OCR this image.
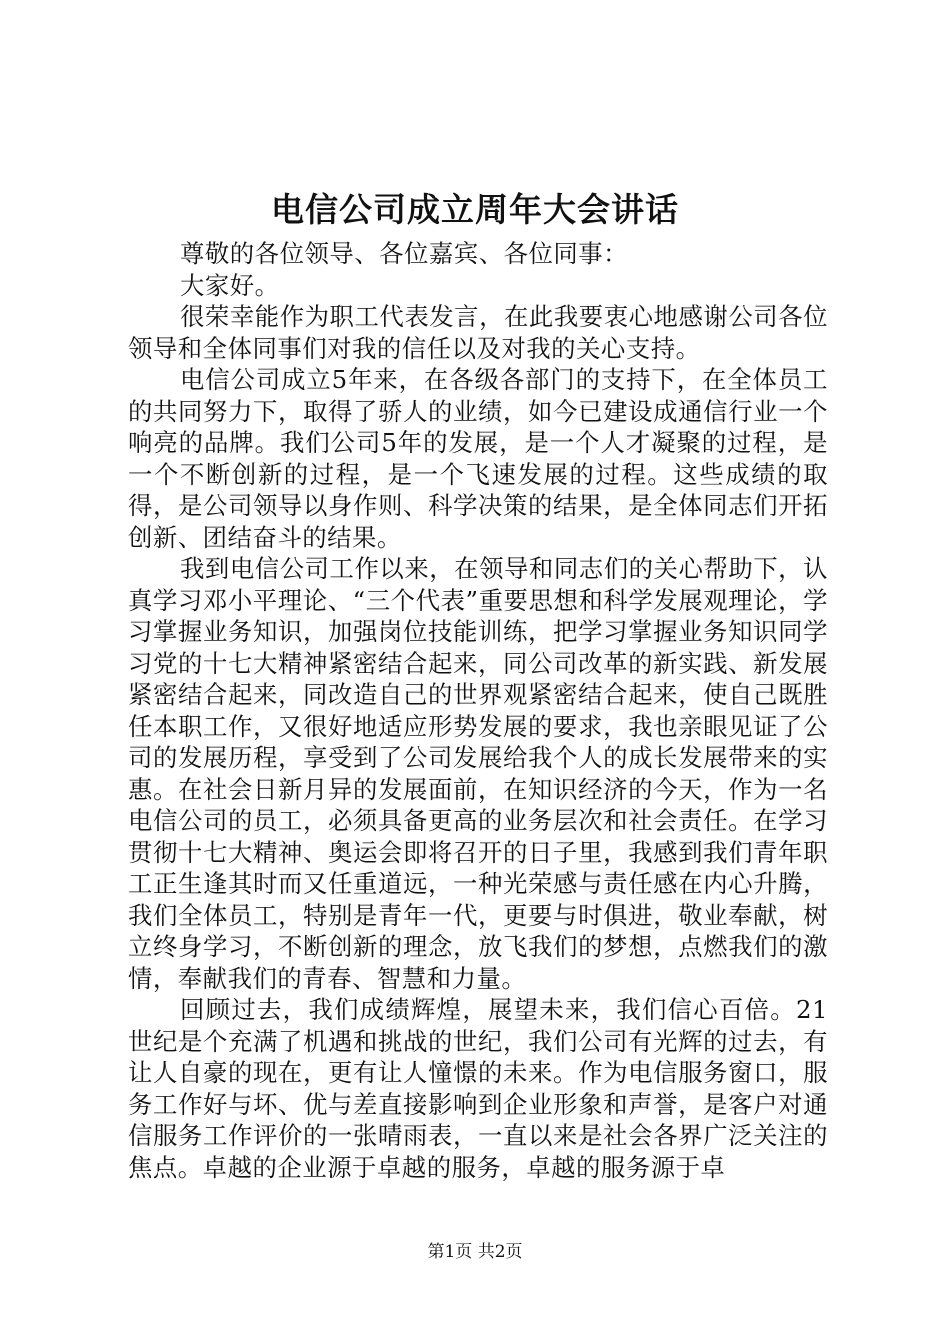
电信公司成立周年大会讲话

尊敬的各位领导、各位嘉宾、各位同事：

大家好。

很荣幸能作为职工代表发言，在此我要衷心地感谢公司各位领导和全体同事们对我的信任以及对我的关心支持。

电信公司成立5年来，在各级各部门的支持下，在全体员工的共同努力下，取得了骄人的业绩，如今已建设成通信行业一个响亮的品牌。我们公司5年的发展，是一个人才凝聚的过程，是一个不断创新的过程，是一个飞速发展的过程。这些成绩的取得，是公司领导以身作则、科学决策的结果，是全体同志们开拓创新、团结奋斗的结果。

我到电信公司工作以来，在领导和同志们的关心帮助下，认真学习邓小平理论、“三个代表”重要思想和科学发展观理论，学习掌握业务知识，加强岗位技能训练，把学习掌握业务知识同学习党的十七大精神紧密结合起来，同公司改革的新实践、新发展紧密结合起来，同改造自己的世界观紧密结合起来，使自己既胜任本职工作，又很好地适应形势发展的要求，我也亲眼见证了公司的发展历程，享受到了公司发展给我个人的成长发展带来的实惠。在社会日新月异的发展面前，在知识经济的今天，作为一名电信公司的员工，必须具备更高的业务层次和社会责任。在学习贯彻十七大精神、奥运会即将召开的日子里，我感到我们青年职工正生逢其时而又任重道远，一种光荣感与责任感在内心升腾，我们全体员工，特别是青年一代，更要与时俱进，敬业奉献，树立终身学习，不断创新的理念，放飞我们的梦想，点燃我们的激情，奉献我们的青春、智慧和力量。

回顾过去，我们成绩辉煌，展望未来，我们信心百倍。21世纪是个充满了机遇和挑战的世纪，我们公司有光辉的过去，有让人自豪的现在，更有让人憧憬的未来。作为电信服务窗口，服务工作好与坏、优与差直接影响到企业形象和声誉，是客户对通信服务工作评价的一张晴雨表，一直以来是社会各界广泛关注的焦点。卓越的企业源于卓越的服务，卓越的服务源于卓

第1页 共2页
